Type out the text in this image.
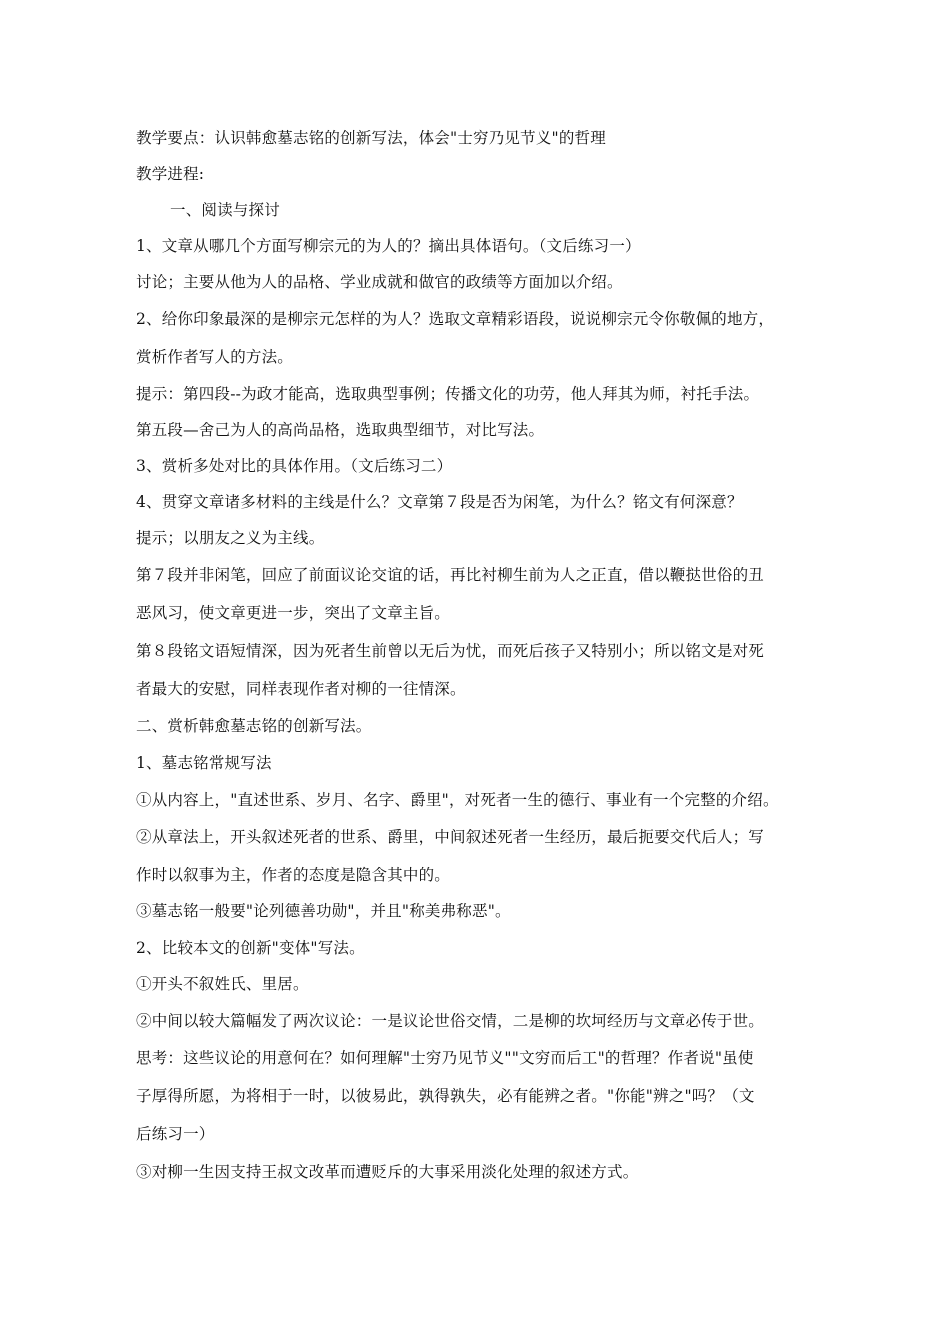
教学要点：认识韩愈墓志铭的创新写法，体会"士穷乃见节义"的哲理
教学进程:
一、阅读与探讨
1、文章从哪几个方面写柳宗元的为人的？摘出具体语句。（文后练习一）
讨论；主要从他为人的品格、学业成就和做官的政绩等方面加以介绍。
2、给你印象最深的是柳宗元怎样的为人？选取文章精彩语段，说说柳宗元令你敬佩的地方，
赏析作者写人的方法。
提示：第四段--为政才能高，选取典型事例；传播文化的功劳，他人拜其为师，衬托手法。
第五段—舍己为人的高尚品格，选取典型细节，对比写法。
3、赏析多处对比的具体作用。（文后练习二）
4、贯穿文章诸多材料的主线是什么？文章第７段是否为闲笔，为什么？铭文有何深意？
提示；以朋友之义为主线。
第７段并非闲笔，回应了前面议论交谊的话，再比衬柳生前为人之正直，借以鞭挞世俗的丑
恶风习，使文章更进一步，突出了文章主旨。
第８段铭文语短情深，因为死者生前曾以无后为忧，而死后孩子又特别小；所以铭文是对死
者最大的安慰，同样表现作者对柳的一往情深。
二、赏析韩愈墓志铭的创新写法。
1、墓志铭常规写法
①从内容上，"直述世系、岁月、名字、爵里"，对死者一生的德行、事业有一个完整的介绍。
②从章法上，开头叙述死者的世系、爵里，中间叙述死者一生经历，最后扼要交代后人；写
作时以叙事为主，作者的态度是隐含其中的。
③墓志铭一般要"论列德善功勋"，并且"称美弗称恶"。
2、比较本文的创新"变体"写法。
①开头不叙姓氏、里居。
②中间以较大篇幅发了两次议论：一是议论世俗交情，二是柳的坎坷经历与文章必传于世。
思考：这些议论的用意何在？如何理解"士穷乃见节义""文穷而后工"的哲理？作者说"虽使
子厚得所愿，为将相于一时，以彼易此，孰得孰失，必有能辨之者。"你能"辨之"吗？（文
后练习一）
③对柳一生因支持王叔文改革而遭贬斥的大事采用淡化处理的叙述方式。
